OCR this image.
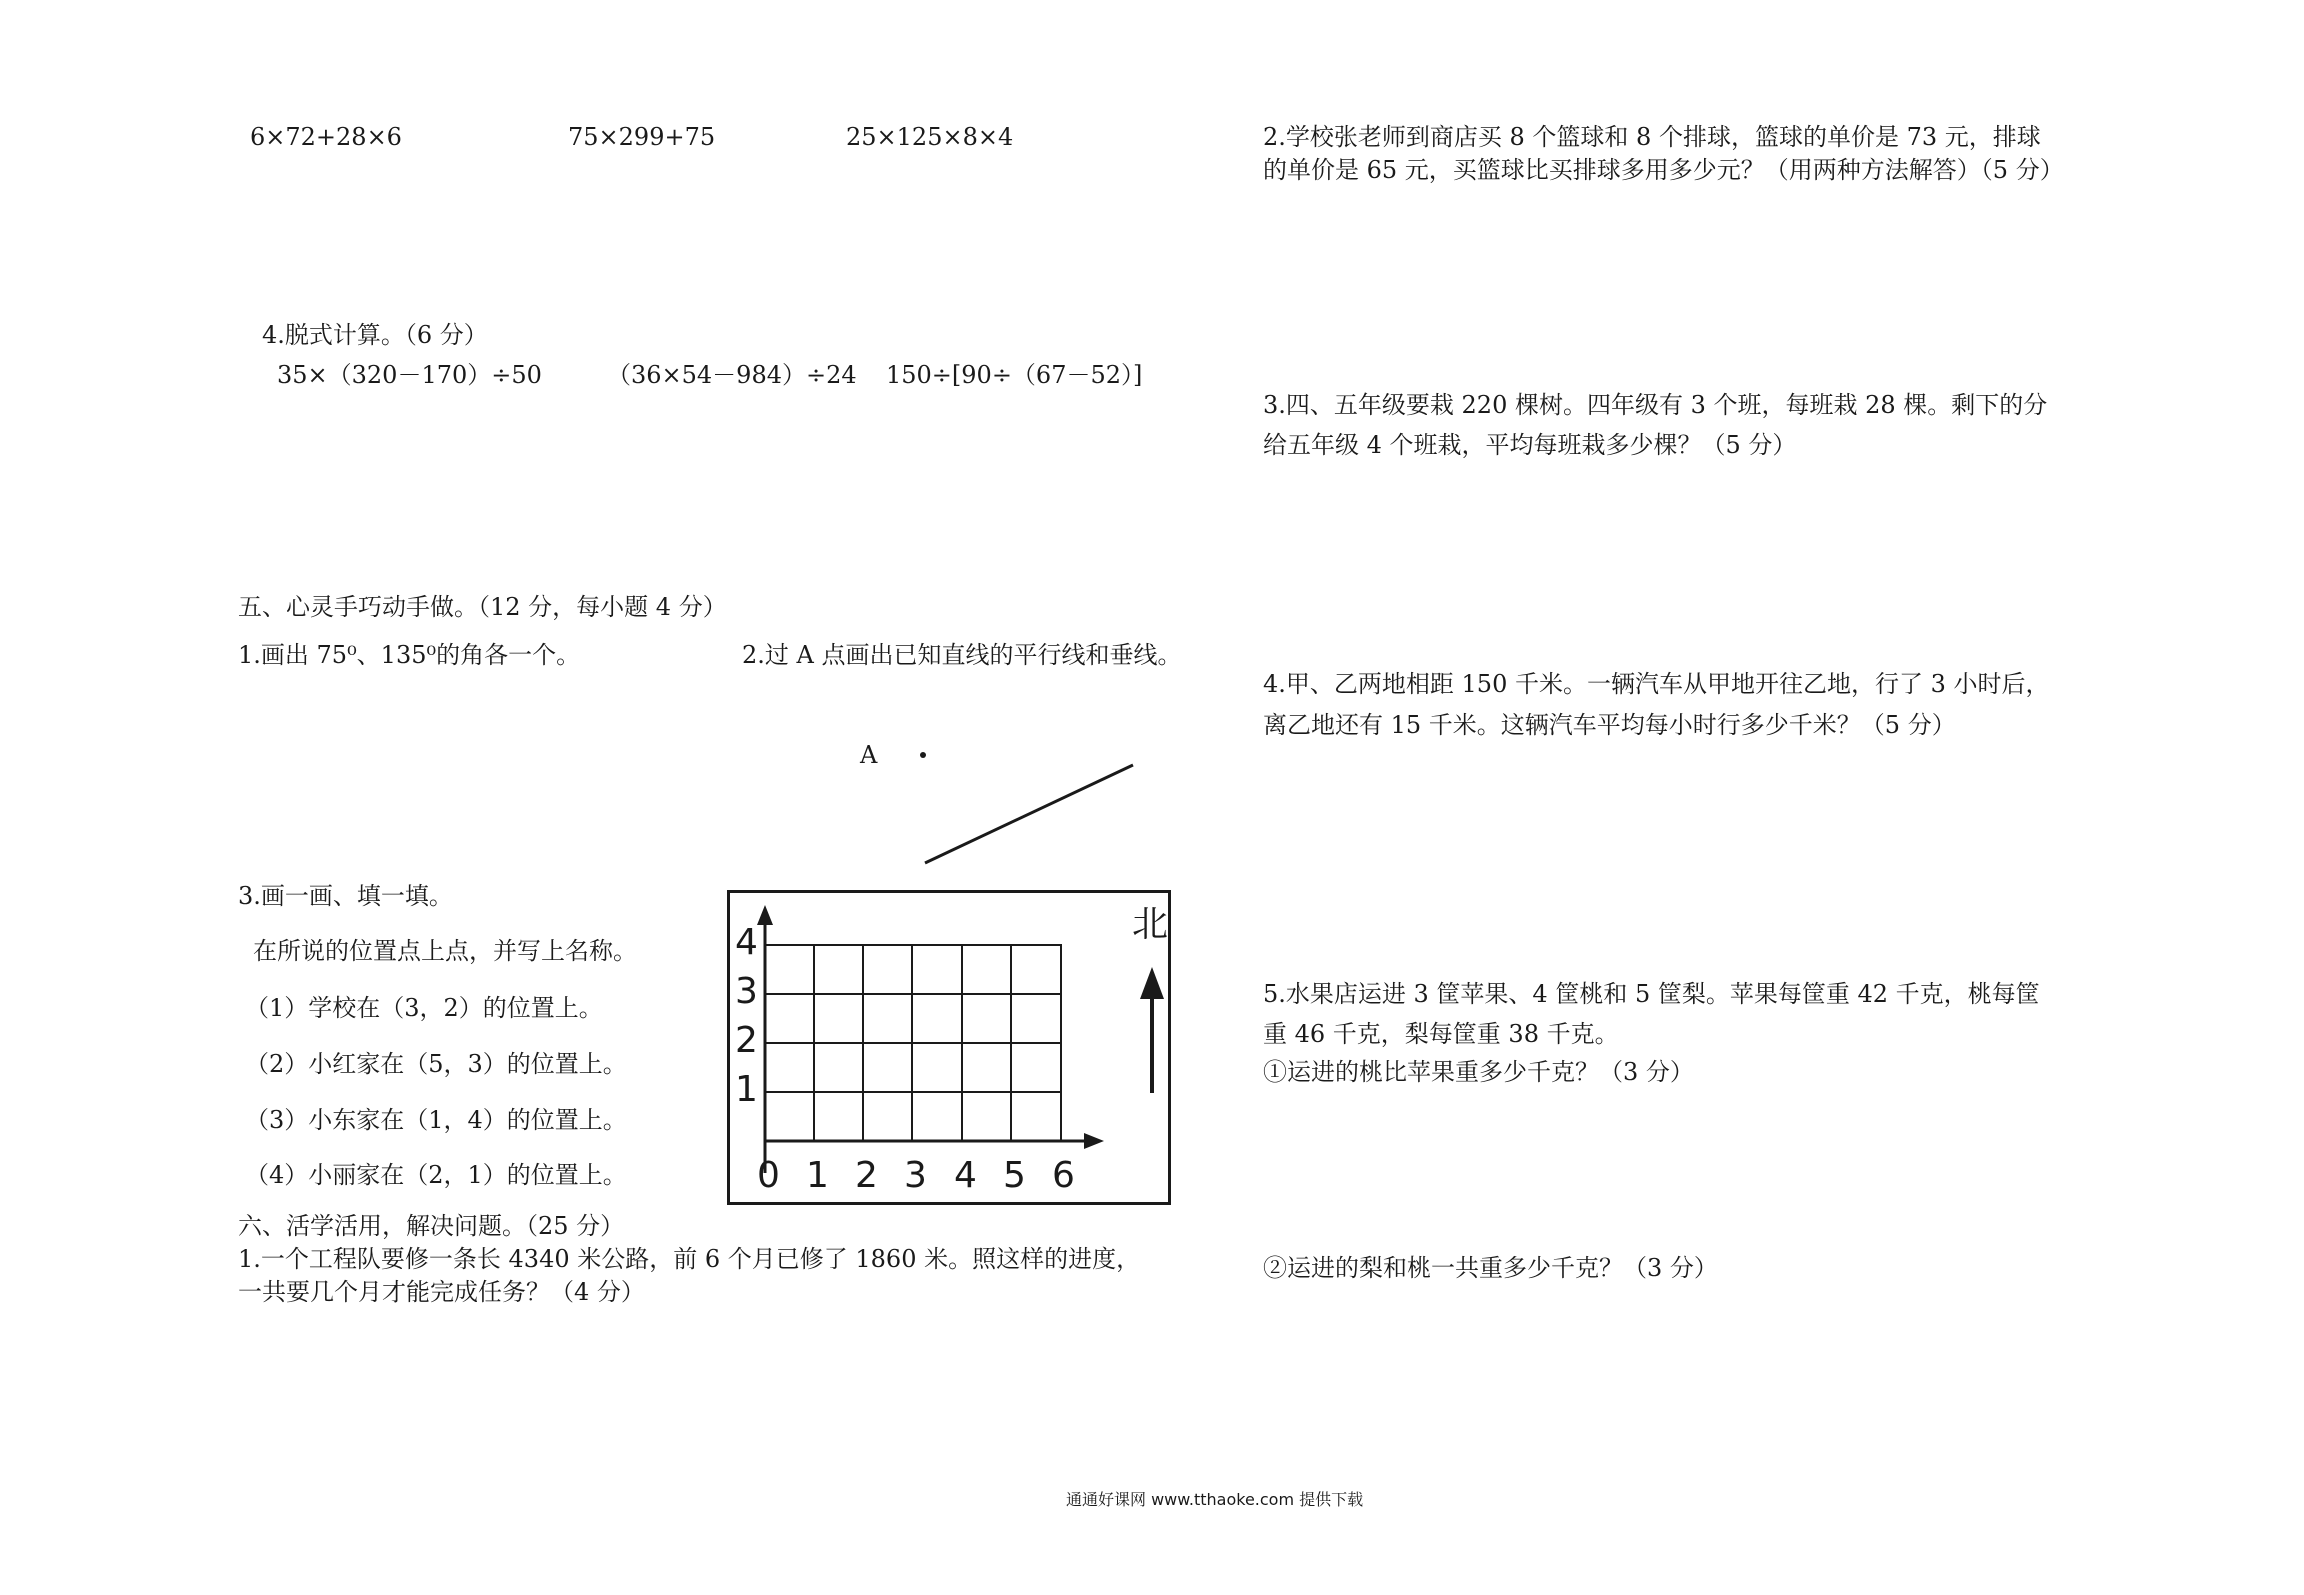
6×72+28×6	75×299+75	25×125×8×4
4.脱式计算。（6 分）
35×（320－170）÷50	（36×54－984）÷24 150÷[90÷（67－52）]
五、心灵手巧动手做。（12 分，每小题 4 分）
1.画出 75⁰、135⁰的角各一个。	2.过 A 点画出已知直线的平行线和垂线。
A
3.画一画、填一填。
在所说的位置点上点，并写上名称。
（1）学校在（3，2）的位置上。
（2）小红家在（5，3）的位置上。
（3）小东家在（1，4）的位置上。
（4）小丽家在（2，1）的位置上。
4
3
2
1
0 1 2 3 4 5 6
北
六、活学活用，解决问题。（25 分）
1.一个工程队要修一条长 4340 米公路，前 6 个月已修了 1860 米。照这样的进度，
一共要几个月才能完成任务？（4 分）
2.学校张老师到商店买 8 个篮球和 8 个排球，篮球的单价是 73 元，排球
的单价是 65 元，买篮球比买排球多用多少元？（用两种方法解答）（5 分）
3.四、五年级要栽 220 棵树。四年级有 3 个班，每班栽 28 棵。剩下的分
给五年级 4 个班栽，平均每班栽多少棵？（5 分）
4.甲、乙两地相距 150 千米。一辆汽车从甲地开往乙地，行了 3 小时后，
离乙地还有 15 千米。这辆汽车平均每小时行多少千米？（5 分）
5.水果店运进 3 筐苹果、4 筐桃和 5 筐梨。苹果每筐重 42 千克，桃每筐
重 46 千克，梨每筐重 38 千克。
①运进的桃比苹果重多少千克？（3 分）
②运进的梨和桃一共重多少千克？（3 分）
通通好课网 www.tthaoke.com 提供下载
